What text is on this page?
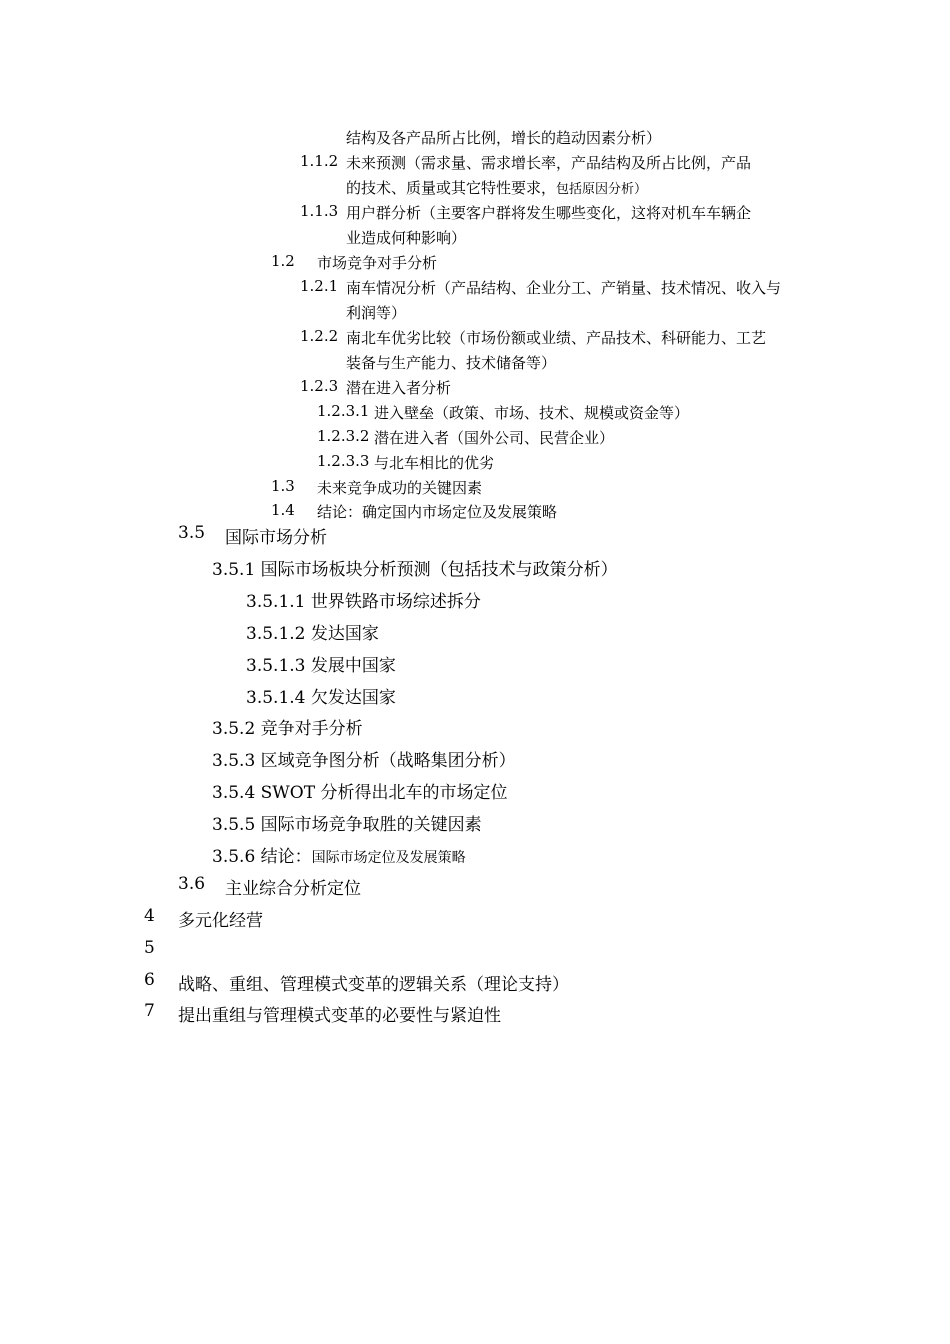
结构及各产品所占比例，增长的趋动因素分析）
1.1.2 未来预测（需求量、需求增长率，产品结构及所占比例，产品
的技术、质量或其它特性要求，包括原因分析）
1.1.3 用户群分析（主要客户群将发生哪些变化，这将对机车车辆企
业造成何种影响）
1.2 市场竞争对手分析
1.2.1 南车情况分析（产品结构、企业分工、产销量、技术情况、收入与
利润等）
1.2.2 南北车优劣比较（市场份额或业绩、产品技术、科研能力、工艺
装备与生产能力、技术储备等）
1.2.3 潜在进入者分析
1.2.3.1 进入壁垒（政策、市场、技术、规模或资金等）
1.2.3.2 潜在进入者（国外公司、民营企业）
1.2.3.3 与北车相比的优劣
1.3 未来竞争成功的关键因素
1.4 结论：确定国内市场定位及发展策略
3.5 国际市场分析
3.5.1 国际市场板块分析预测（包括技术与政策分析）
3.5.1.1 世界铁路市场综述拆分
3.5.1.2 发达国家
3.5.1.3 发展中国家
3.5.1.4 欠发达国家
3.5.2 竞争对手分析
3.5.3 区域竞争图分析（战略集团分析）
3.5.4 SWOT 分析得出北车的市场定位
3.5.5 国际市场竞争取胜的关键因素
3.5.6 结论：国际市场定位及发展策略
3.6 主业综合分析定位
4 多元化经营
5
6 战略、重组、管理模式变革的逻辑关系（理论支持）
7 提出重组与管理模式变革的必要性与紧迫性
